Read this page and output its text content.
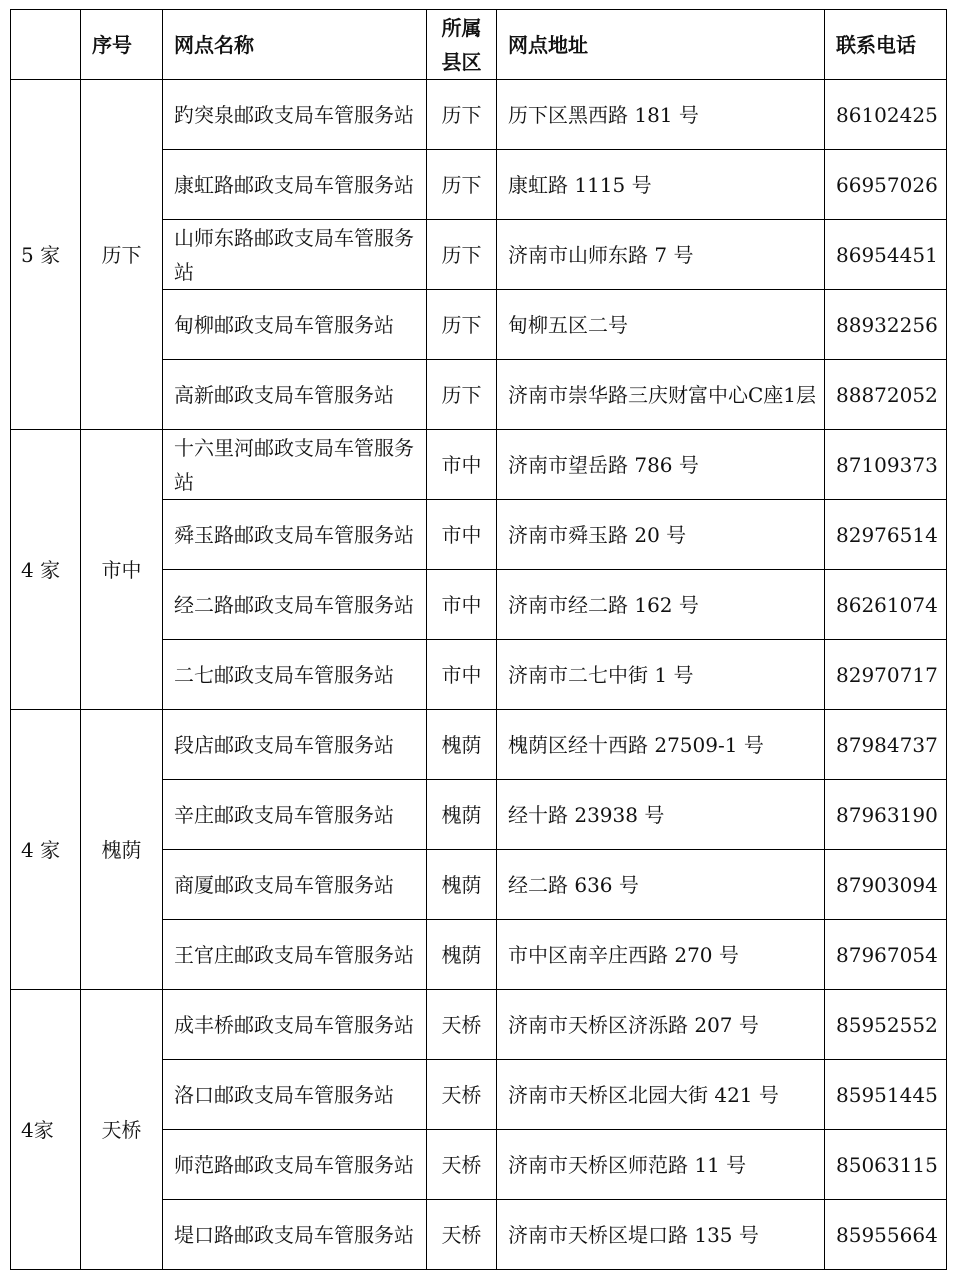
	序号	网点名称	所属县区	网点地址	联系电话
5 家	历下	趵突泉邮政支局车管服务站	历下	历下区黑西路 181 号	86102425
		康虹路邮政支局车管服务站	历下	康虹路 1115 号	66957026
		山师东路邮政支局车管服务站	历下	济南市山师东路 7 号	86954451
		甸柳邮政支局车管服务站	历下	甸柳五区二号	88932256
		高新邮政支局车管服务站	历下	济南市崇华路三庆财富中心C座1层	88872052
4 家	市中	十六里河邮政支局车管服务站	市中	济南市望岳路 786 号	87109373
		舜玉路邮政支局车管服务站	市中	济南市舜玉路 20 号	82976514
		经二路邮政支局车管服务站	市中	济南市经二路 162 号	86261074
		二七邮政支局车管服务站	市中	济南市二七中街 1 号	82970717
4 家	槐荫	段店邮政支局车管服务站	槐荫	槐荫区经十西路 27509-1 号	87984737
		辛庄邮政支局车管服务站	槐荫	经十路 23938 号	87963190
		商厦邮政支局车管服务站	槐荫	经二路 636 号	87903094
		王官庄邮政支局车管服务站	槐荫	市中区南辛庄西路 270 号	87967054
4家	天桥	成丰桥邮政支局车管服务站	天桥	济南市天桥区济泺路 207 号	85952552
		洛口邮政支局车管服务站	天桥	济南市天桥区北园大街 421 号	85951445
		师范路邮政支局车管服务站	天桥	济南市天桥区师范路 11 号	85063115
		堤口路邮政支局车管服务站	天桥	济南市天桥区堤口路 135 号	85955664
